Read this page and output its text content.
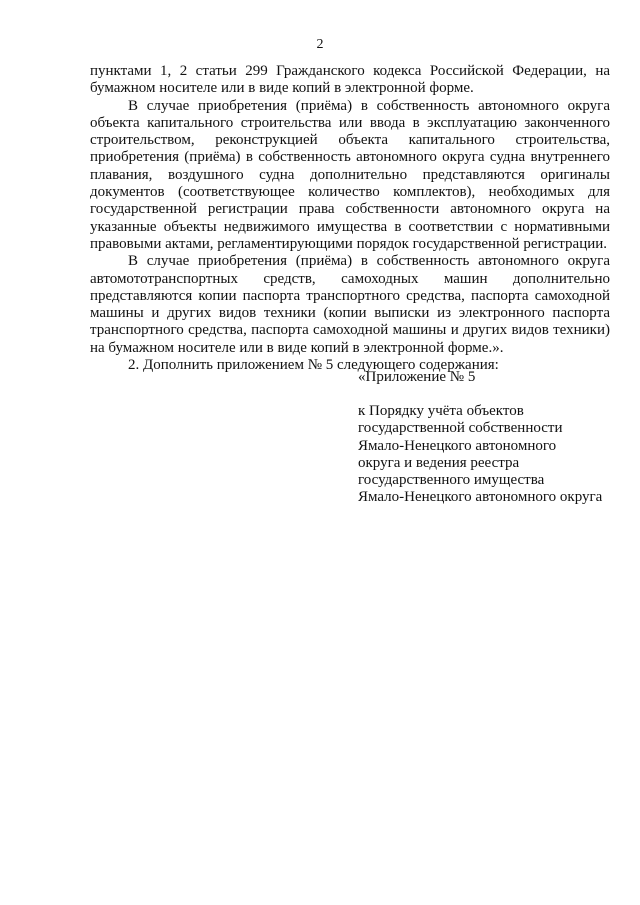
2

пунктами 1, 2 статьи 299 Гражданского кодекса Российской Федерации, на бумажном носителе или в виде копий в электронной форме.

В случае приобретения (приёма) в собственность автономного округа объекта капитального строительства или ввода в эксплуатацию законченного строительством, реконструкцией объекта капитального строительства, приобретения (приёма) в собственность автономного округа судна внутреннего плавания, воздушного судна дополнительно представляются оригиналы документов (соответствующее количество комплектов), необходимых для государственной регистрации права собственности автономного округа на указанные объекты недвижимого имущества в соответствии с нормативными правовыми актами, регламентирующими порядок государственной регистрации.

В случае приобретения (приёма) в собственность автономного округа автомототранспортных средств, самоходных машин дополнительно представляются копии паспорта транспортного средства, паспорта самоходной машины и других видов техники (копии выписки из электронного паспорта транспортного средства, паспорта самоходной машины и других видов техники) на бумажном носителе или в виде копий в электронной форме.».

2. Дополнить приложением № 5 следующего содержания:

«Приложение № 5
к Порядку учёта объектов
государственной собственности
Ямало-Ненецкого автономного
округа и ведения реестра
государственного имущества
Ямало-Ненецкого автономного округа
